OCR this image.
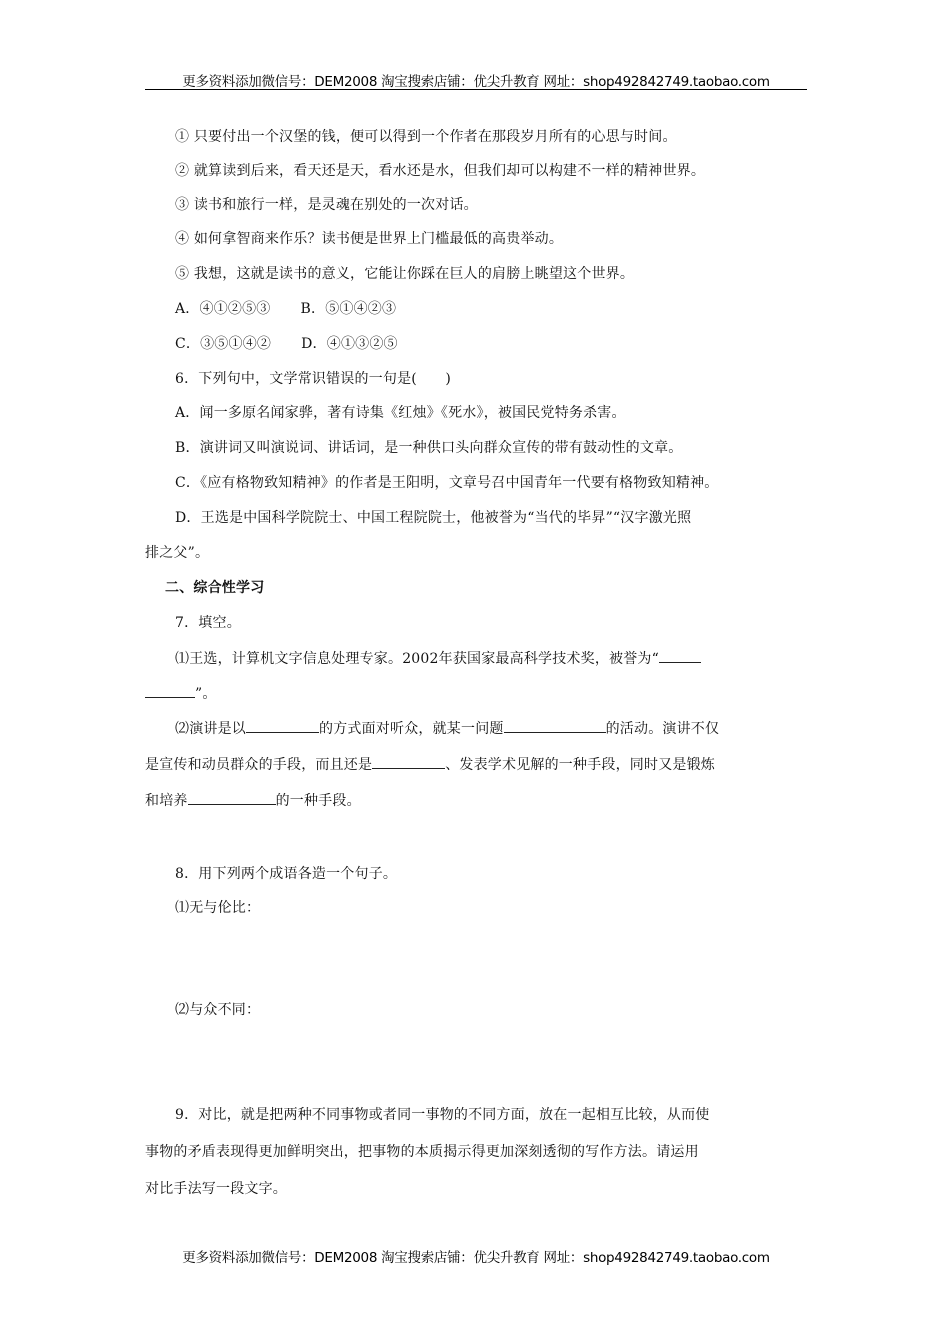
更多资料添加微信号：DEM2008 淘宝搜索店铺：优尖升教育 网址：shop492842749.taobao.com
① 只要付出一个汉堡的钱，便可以得到一个作者在那段岁月所有的心思与时间。
② 就算读到后来，看天还是天，看水还是水，但我们却可以构建不一样的精神世界。
③ 读书和旅行一样，是灵魂在别处的一次对话。
④ 如何拿智商来作乐？读书便是世界上门槛最低的高贵举动。
⑤ 我想，这就是读书的意义，它能让你踩在巨人的肩膀上眺望这个世界。
A．④①②⑤③ B．⑤①④②③
C．③⑤①④② D．④①③②⑤
6．下列句中，文学常识错误的一句是(　　)
A．闻一多原名闻家骅，著有诗集《红烛》《死水》，被国民党特务杀害。
B．演讲词又叫演说词、讲话词，是一种供口头向群众宣传的带有鼓动性的文章。
C．《应有格物致知精神》的作者是王阳明，文章号召中国青年一代要有格物致知精神。
D．王选是中国科学院院士、中国工程院院士，他被誉为“当代的毕昇”“汉字激光照
排之父”。
二、综合性学习
7．填空。
⑴王选，计算机文字信息处理专家。2002年获国家最高科学技术奖，被誉为“
”。
⑵演讲是以	的方式面对听众，就某一问题	的活动。演讲不仅
是宣传和动员群众的手段，而且还是	、发表学术见解的一种手段，同时又是锻炼
和培养	的一种手段。
8．用下列两个成语各造一个句子。
⑴无与伦比：
⑵与众不同：
9．对比，就是把两种不同事物或者同一事物的不同方面，放在一起相互比较，从而使
事物的矛盾表现得更加鲜明突出，把事物的本质揭示得更加深刻透彻的写作方法。请运用
对比手法写一段文字。
更多资料添加微信号：DEM2008 淘宝搜索店铺：优尖升教育 网址：shop492842749.taobao.com
